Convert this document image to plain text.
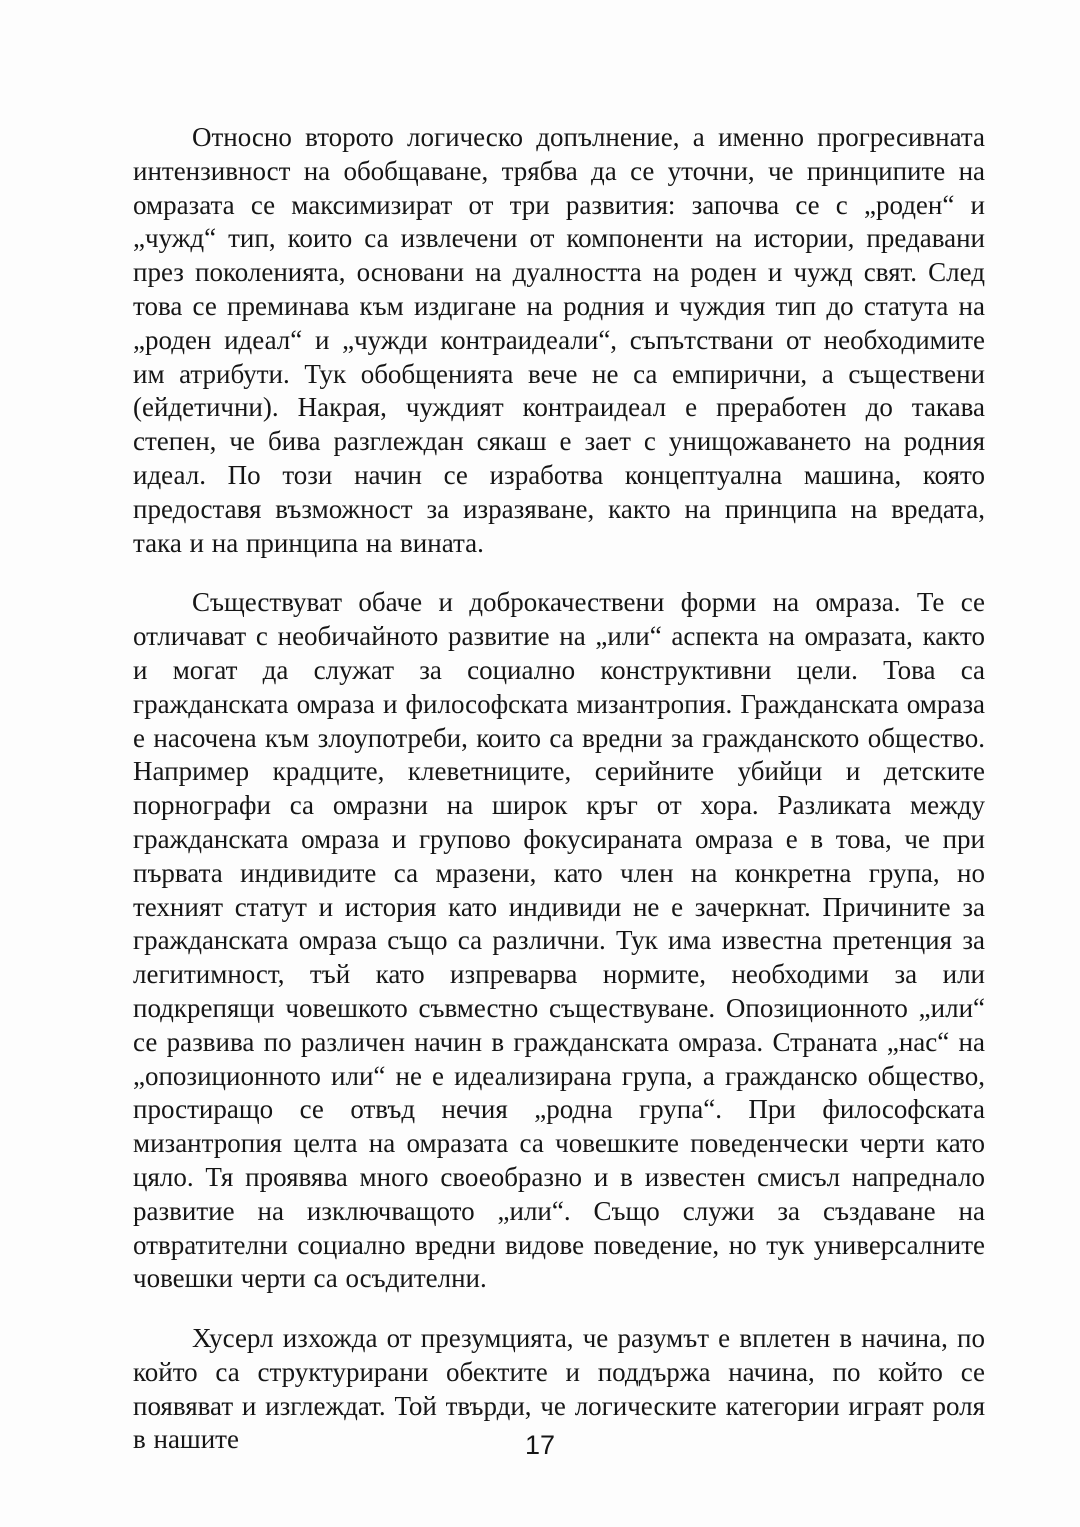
Относно второто логическо допълнение, а именно прогресивната интензивност на обобщаване, трябва да се уточни, че принципите на омразата се максимизират от три развития: започва се с „роден“ и „чужд“ тип, които са извлечени от компоненти на истории, предавани през поколенията, основани на дуалността на роден и чужд свят. След това се преминава към издигане на родния и чуждия тип до статута на „роден идеал“ и „чужди контраидеали“, съпътствани от необходимите им атрибути. Тук обобщенията вече не са емпирични, а съществени (ейдетични). Накрая, чуждият контраидеал е преработен до такава степен, че бива разглеждан сякаш е зает с унищожаването на родния идеал. По този начин се изработва концептуална машина, която предоставя възможност за изразяване, както на принципа на вредата, така и на принципа на вината.

Съществуват обаче и доброкачествени форми на омраза. Те се отличават с необичайното развитие на „или“ аспекта на омразата, както и могат да служат за социално конструктивни цели. Това са гражданската омраза и философската мизантропия. Гражданската омраза е насочена към злоупотреби, които са вредни за гражданското общество. Например крадците, клеветниците, серийните убийци и детските порнографи са омразни на широк кръг от хора. Разликата между гражданската омраза и групово фокусираната омраза е в това, че при първата индивидите са мразени, като член на конкретна група, но техният статут и история като индивиди не е зачеркнат. Причините за гражданската омраза също са различни. Тук има известна претенция за легитимност, тъй като изпреварва нормите, необходими за или подкрепящи човешкото съвместно съществуване. Опозиционното „или“ се развива по различен начин в гражданската омраза. Страната „нас“ на „опозиционното или“ не е идеализирана група, а гражданско общество, простиращо се отвъд нечия „родна група“. При философската мизантропия целта на омразата са човешките поведенчески черти като цяло. Тя проявява много своеобразно и в известен смисъл напреднало развитие на изключващото „или“. Също служи за създаване на отвратителни социално вредни видове поведение, но тук универсалните човешки черти са осъдителни.

Хусерл изхожда от презумцията, че разумът е вплетен в начина, по който са структурирани обектите и поддържа начина, по който се появяват и изглеждат. Той твърди, че логическите категории играят роля в нашите	17
